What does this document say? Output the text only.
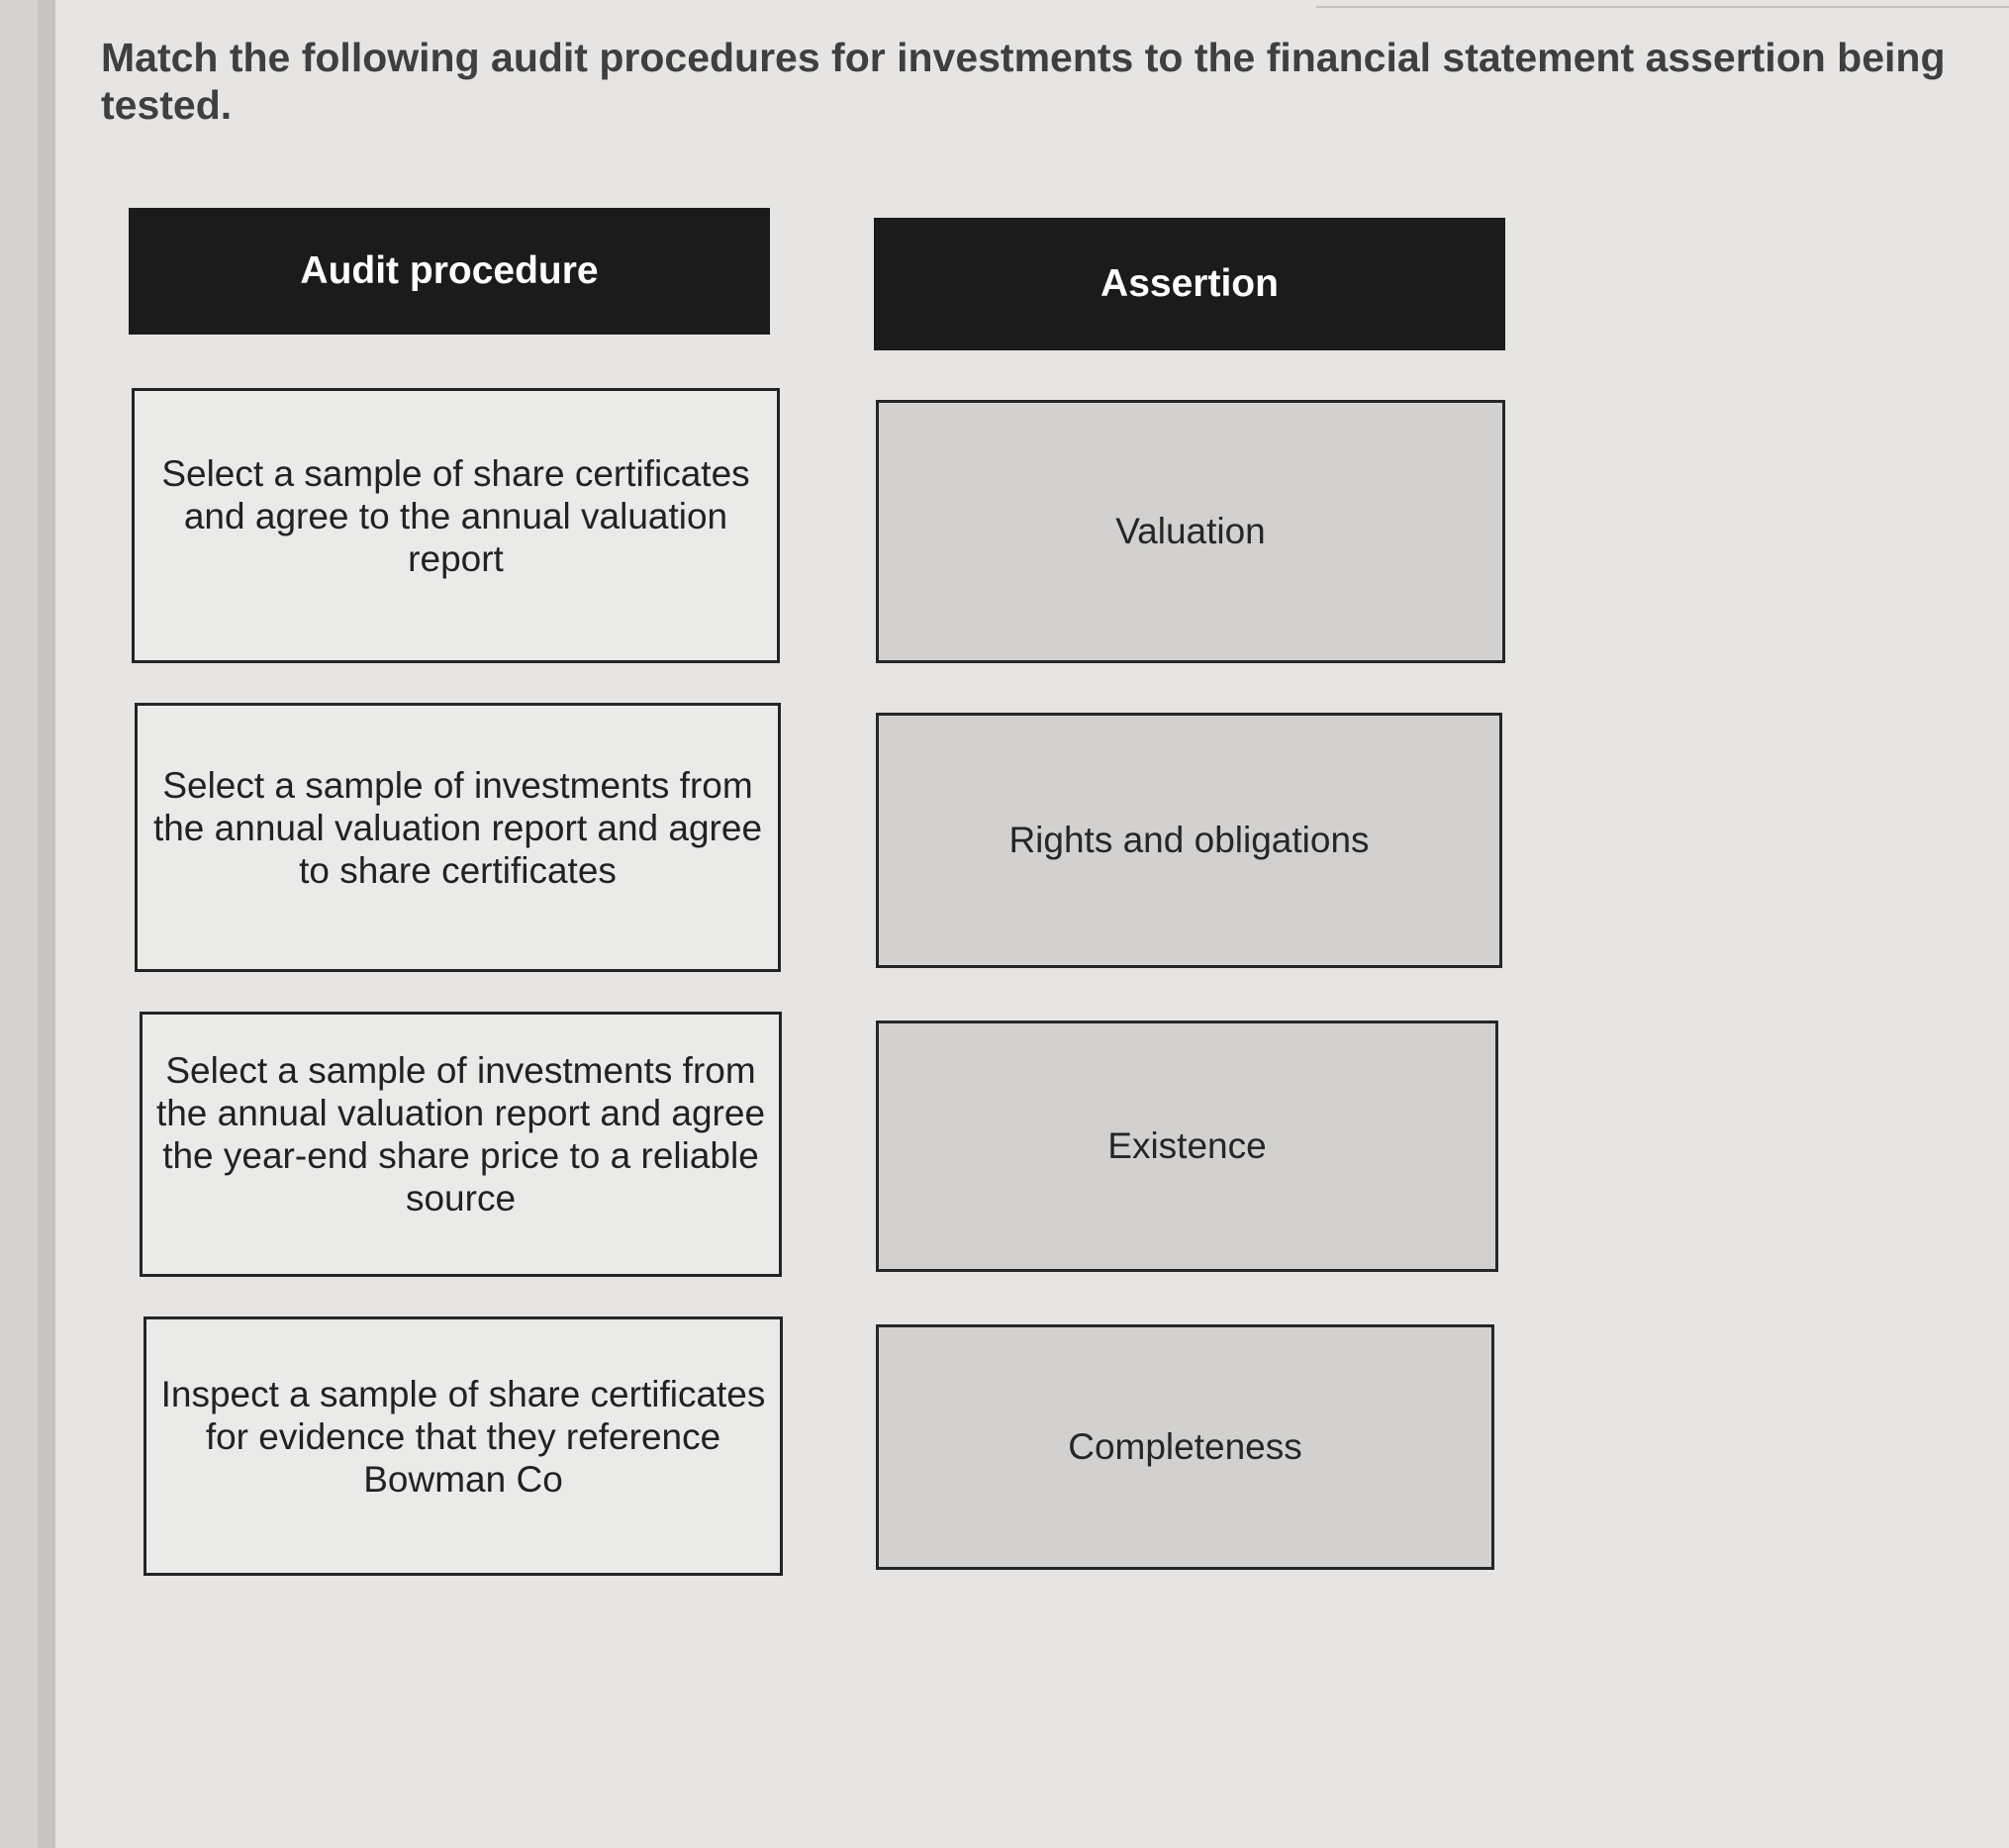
Match the following audit procedures for investments to the financial statement assertion being tested.
Audit procedure	Assertion
Select a sample of share certificates and agree to the annual valuation report
Select a sample of investments from the annual valuation report and agree to share certificates
Select a sample of investments from the annual valuation report and agree the year-end share price to a reliable source
Inspect a sample of share certificates for evidence that they reference Bowman Co
Valuation
Rights and obligations
Existence
Completeness
